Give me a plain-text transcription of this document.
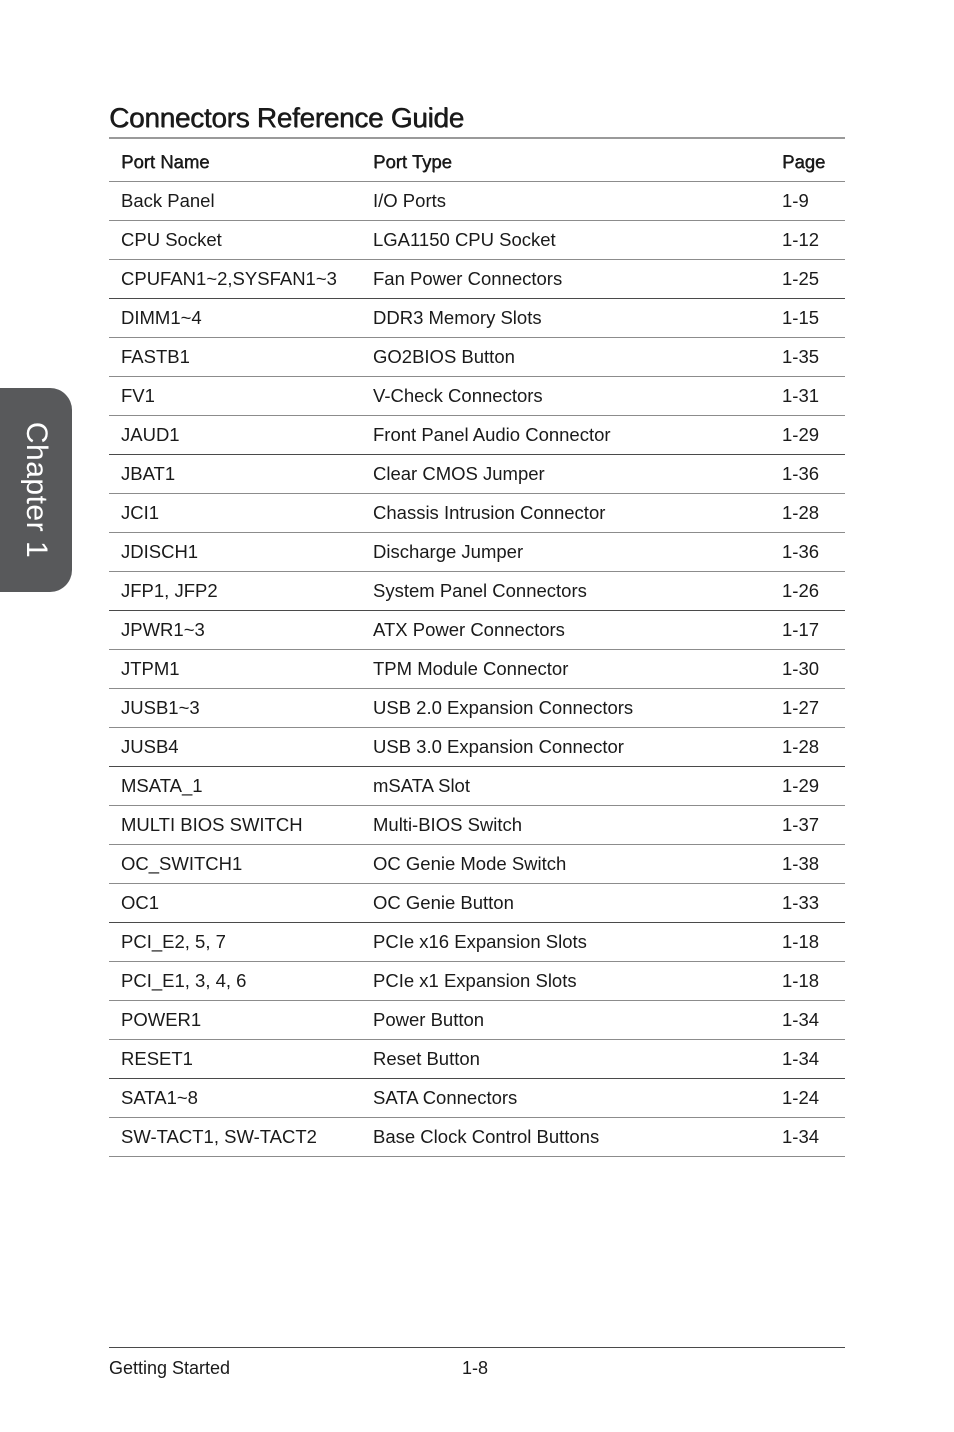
Chapter 1
Connectors Reference Guide
Port Name	Port Type	Page
Back Panel	I/O Ports	1-9
CPU Socket	LGA1150 CPU Socket	1-12
CPUFAN1~2,SYSFAN1~3	Fan Power Connectors	1-25
DIMM1~4	DDR3 Memory Slots	1-15
FASTB1	GO2BIOS Button	1-35
FV1	V-Check Connectors	1-31
JAUD1	Front Panel Audio Connector	1-29
JBAT1	Clear CMOS Jumper	1-36
JCI1	Chassis Intrusion Connector	1-28
JDISCH1	Discharge Jumper	1-36
JFP1, JFP2	System Panel Connectors	1-26
JPWR1~3	ATX Power Connectors	1-17
JTPM1	TPM Module Connector	1-30
JUSB1~3	USB 2.0 Expansion Connectors	1-27
JUSB4	USB 3.0 Expansion Connector	1-28
MSATA_1	mSATA Slot	1-29
MULTI BIOS SWITCH	Multi-BIOS Switch	1-37
OC_SWITCH1	OC Genie Mode Switch	1-38
OC1	OC Genie Button	1-33
PCI_E2, 5, 7	PCIe x16 Expansion Slots	1-18
PCI_E1, 3, 4, 6	PCIe x1 Expansion Slots	1-18
POWER1	Power Button	1-34
RESET1	Reset Button	1-34
SATA1~8	SATA Connectors	1-24
SW-TACT1, SW-TACT2	Base Clock Control Buttons	1-34
Getting Started	1-8
